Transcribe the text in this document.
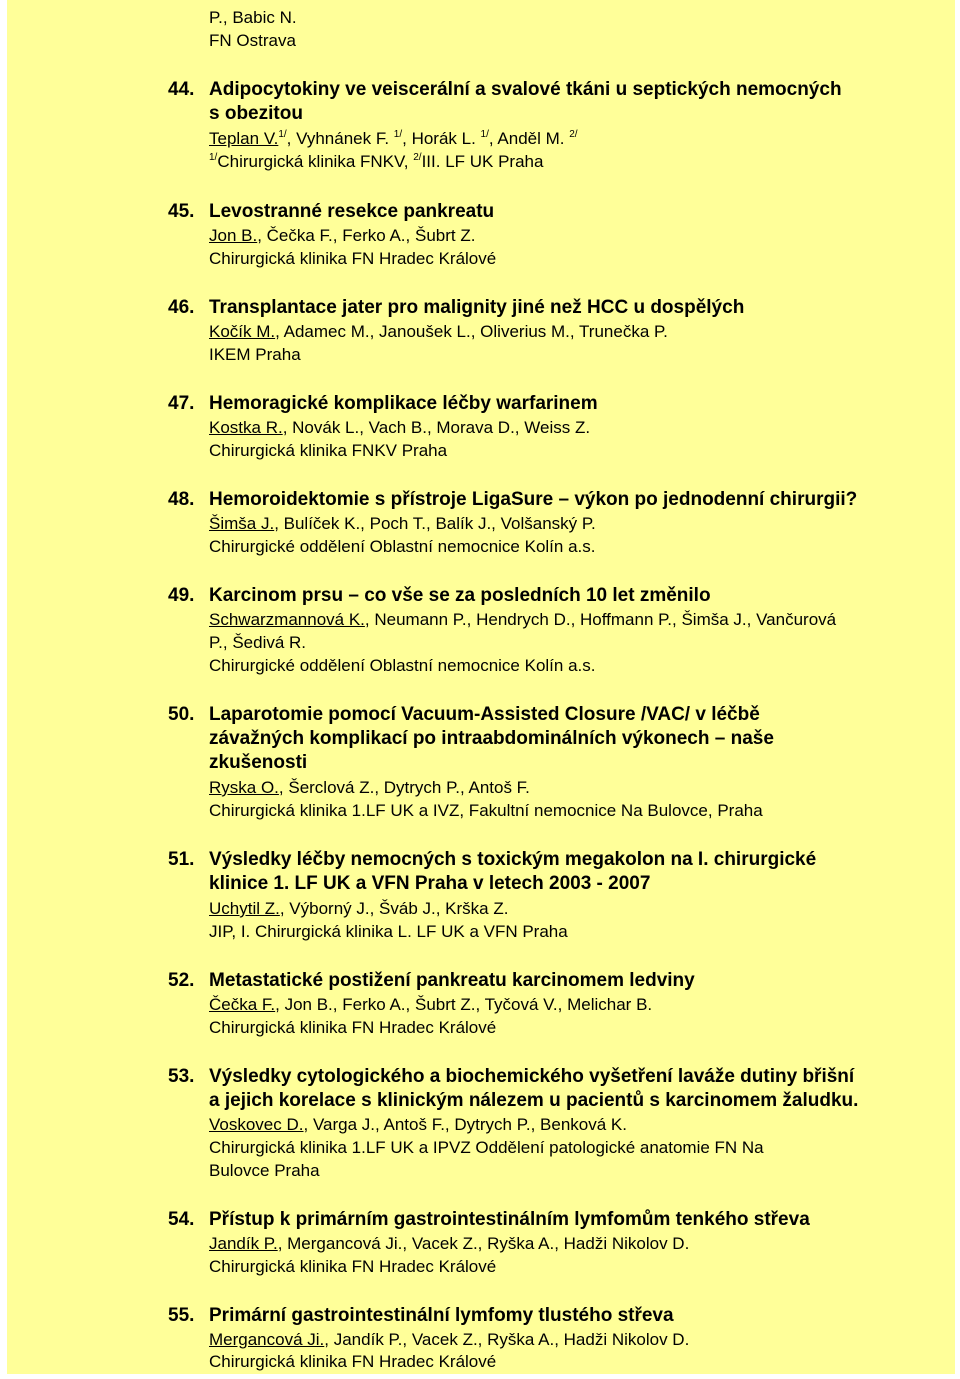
P., Babic N.
FN Ostrava
44. Adipocytokiny ve veiscerální a svalové tkáni u septických nemocných
s obezitou
Teplan V.$^{1/}$, Vyhnánek F. $^{1/}$, Horák L. $^{1/}$, Anděl M. $^{2/}$
$^{1/}$Chirurgická klinika FNKV, $^{2/}$III. LF UK Praha
45. Levostranné resekce pankreatu
Jon B., Čečka F., Ferko A., Šubrt Z.
Chirurgická klinika FN Hradec Králové
46. Transplantace jater pro malignity jiné než HCC u dospělých
Kočík M., Adamec M., Janoušek L., Oliverius M., Trunečka P.
IKEM Praha
47. Hemoragické komplikace léčby warfarinem
Kostka R., Novák L., Vach B., Morava D., Weiss Z.
Chirurgická klinika FNKV Praha
48. Hemoroidektomie s přístroje LigaSure – výkon po jednodenní chirurgii?
Šimša J., Bulíček K., Poch T., Balík J., Volšanský P.
Chirurgické oddělení Oblastní nemocnice Kolín a.s.
49. Karcinom prsu – co vše se za posledních 10 let změnilo
Schwarzmannová K., Neumann P., Hendrych D., Hoffmann P., Šimša J., Vančurová
P., Šedivá R.
Chirurgické oddělení Oblastní nemocnice Kolín a.s.
50. Laparotomie pomocí Vacuum-Assisted Closure /VAC/ v léčbě
závažných komplikací po intraabdominálních výkonech – naše
zkušenosti
Ryska O., Šerclová Z., Dytrych P., Antoš F.
Chirurgická klinika 1.LF UK a IVZ, Fakultní nemocnice Na Bulovce, Praha
51. Výsledky léčby nemocných s toxickým megakolon na I. chirurgické
klinice 1. LF UK a VFN Praha v letech 2003 - 2007
Uchytil Z., Výborný J., Šváb J., Krška Z.
JIP, I. Chirurgická klinika L. LF UK a VFN Praha
52. Metastatické postižení pankreatu karcinomem ledviny
Čečka F., Jon B., Ferko A., Šubrt Z., Tyčová V., Melichar B.
Chirurgická klinika FN Hradec Králové
53. Výsledky cytologického a biochemického vyšetření laváže dutiny břišní
a jejich korelace s klinickým nálezem u pacientů s karcinomem žaludku.
Voskovec D., Varga J., Antoš F., Dytrych P., Benková K.
Chirurgická klinika 1.LF UK a IPVZ Oddělení patologické anatomie FN Na
Bulovce Praha
54. Přístup k primárním gastrointestinálním lymfomům tenkého střeva
Jandík P., Mergancová Ji., Vacek Z., Ryška A., Hadži Nikolov D.
Chirurgická klinika FN Hradec Králové
55. Primární gastrointestinální lymfomy tlustého střeva
Mergancová Ji., Jandík P., Vacek Z., Ryška A., Hadži Nikolov D.
Chirurgická klinika FN Hradec Králové
